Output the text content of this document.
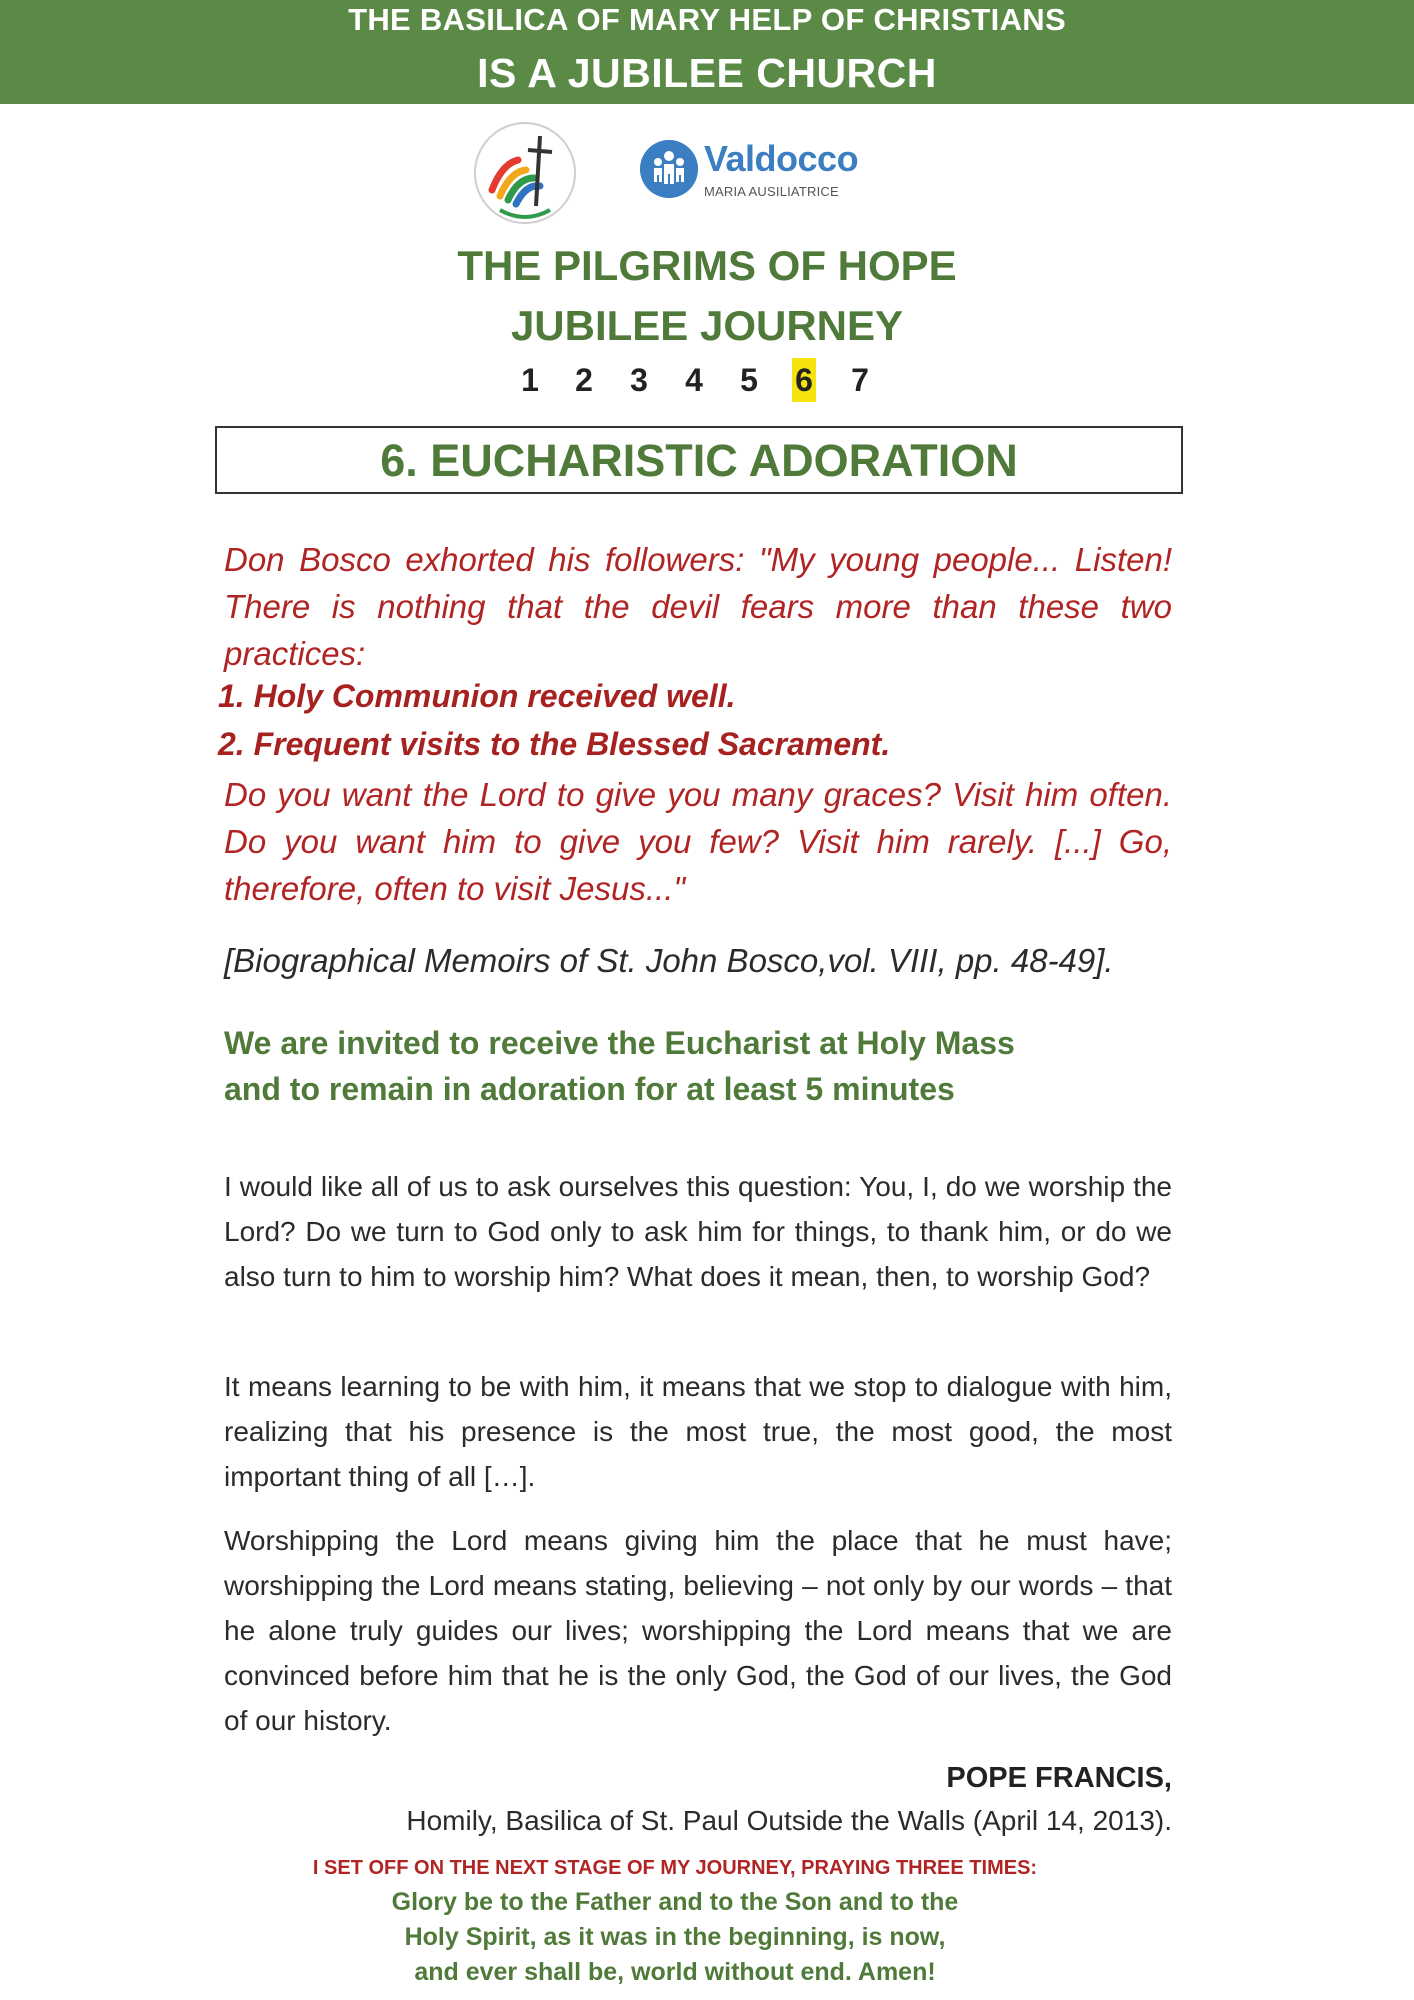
THE BASILICA OF MARY HELP OF CHRISTIANS
IS A JUBILEE CHURCH
Valdocco
MARIA AUSILIATRICE
THE PILGRIMS OF HOPE
JUBILEE JOURNEY
1 2 3 4 5 6 7
6. EUCHARISTIC ADORATION
Don Bosco exhorted his followers: "My young people... Listen! There is nothing that the devil fears more than these two practices:
1. Holy Communion received well.
2. Frequent visits to the Blessed Sacrament.
Do you want the Lord to give you many graces? Visit him often. Do you want him to give you few? Visit him rarely. [...] Go, therefore, often to visit Jesus..."
[Biographical Memoirs of St. John Bosco,vol. VIII, pp. 48-49].
We are invited to receive the Eucharist at Holy Mass
and to remain in adoration for at least 5 minutes
I would like all of us to ask ourselves this question: You, I, do we worship the Lord? Do we turn to God only to ask him for things, to thank him, or do we also turn to him to worship him? What does it mean, then, to worship God?
It means learning to be with him, it means that we stop to dialogue with him, realizing that his presence is the most true, the most good, the most important thing of all […].
Worshipping the Lord means giving him the place that he must have; worshipping the Lord means stating, believing – not only by our words – that he alone truly guides our lives; worshipping the Lord means that we are convinced before him that he is the only God, the God of our lives, the God of our history.
POPE FRANCIS,
Homily, Basilica of St. Paul Outside the Walls (April 14, 2013).
I SET OFF ON THE NEXT STAGE OF MY JOURNEY, PRAYING THREE TIMES:
Glory be to the Father and to the Son and to the
Holy Spirit, as it was in the beginning, is now,
and ever shall be, world without end. Amen!
